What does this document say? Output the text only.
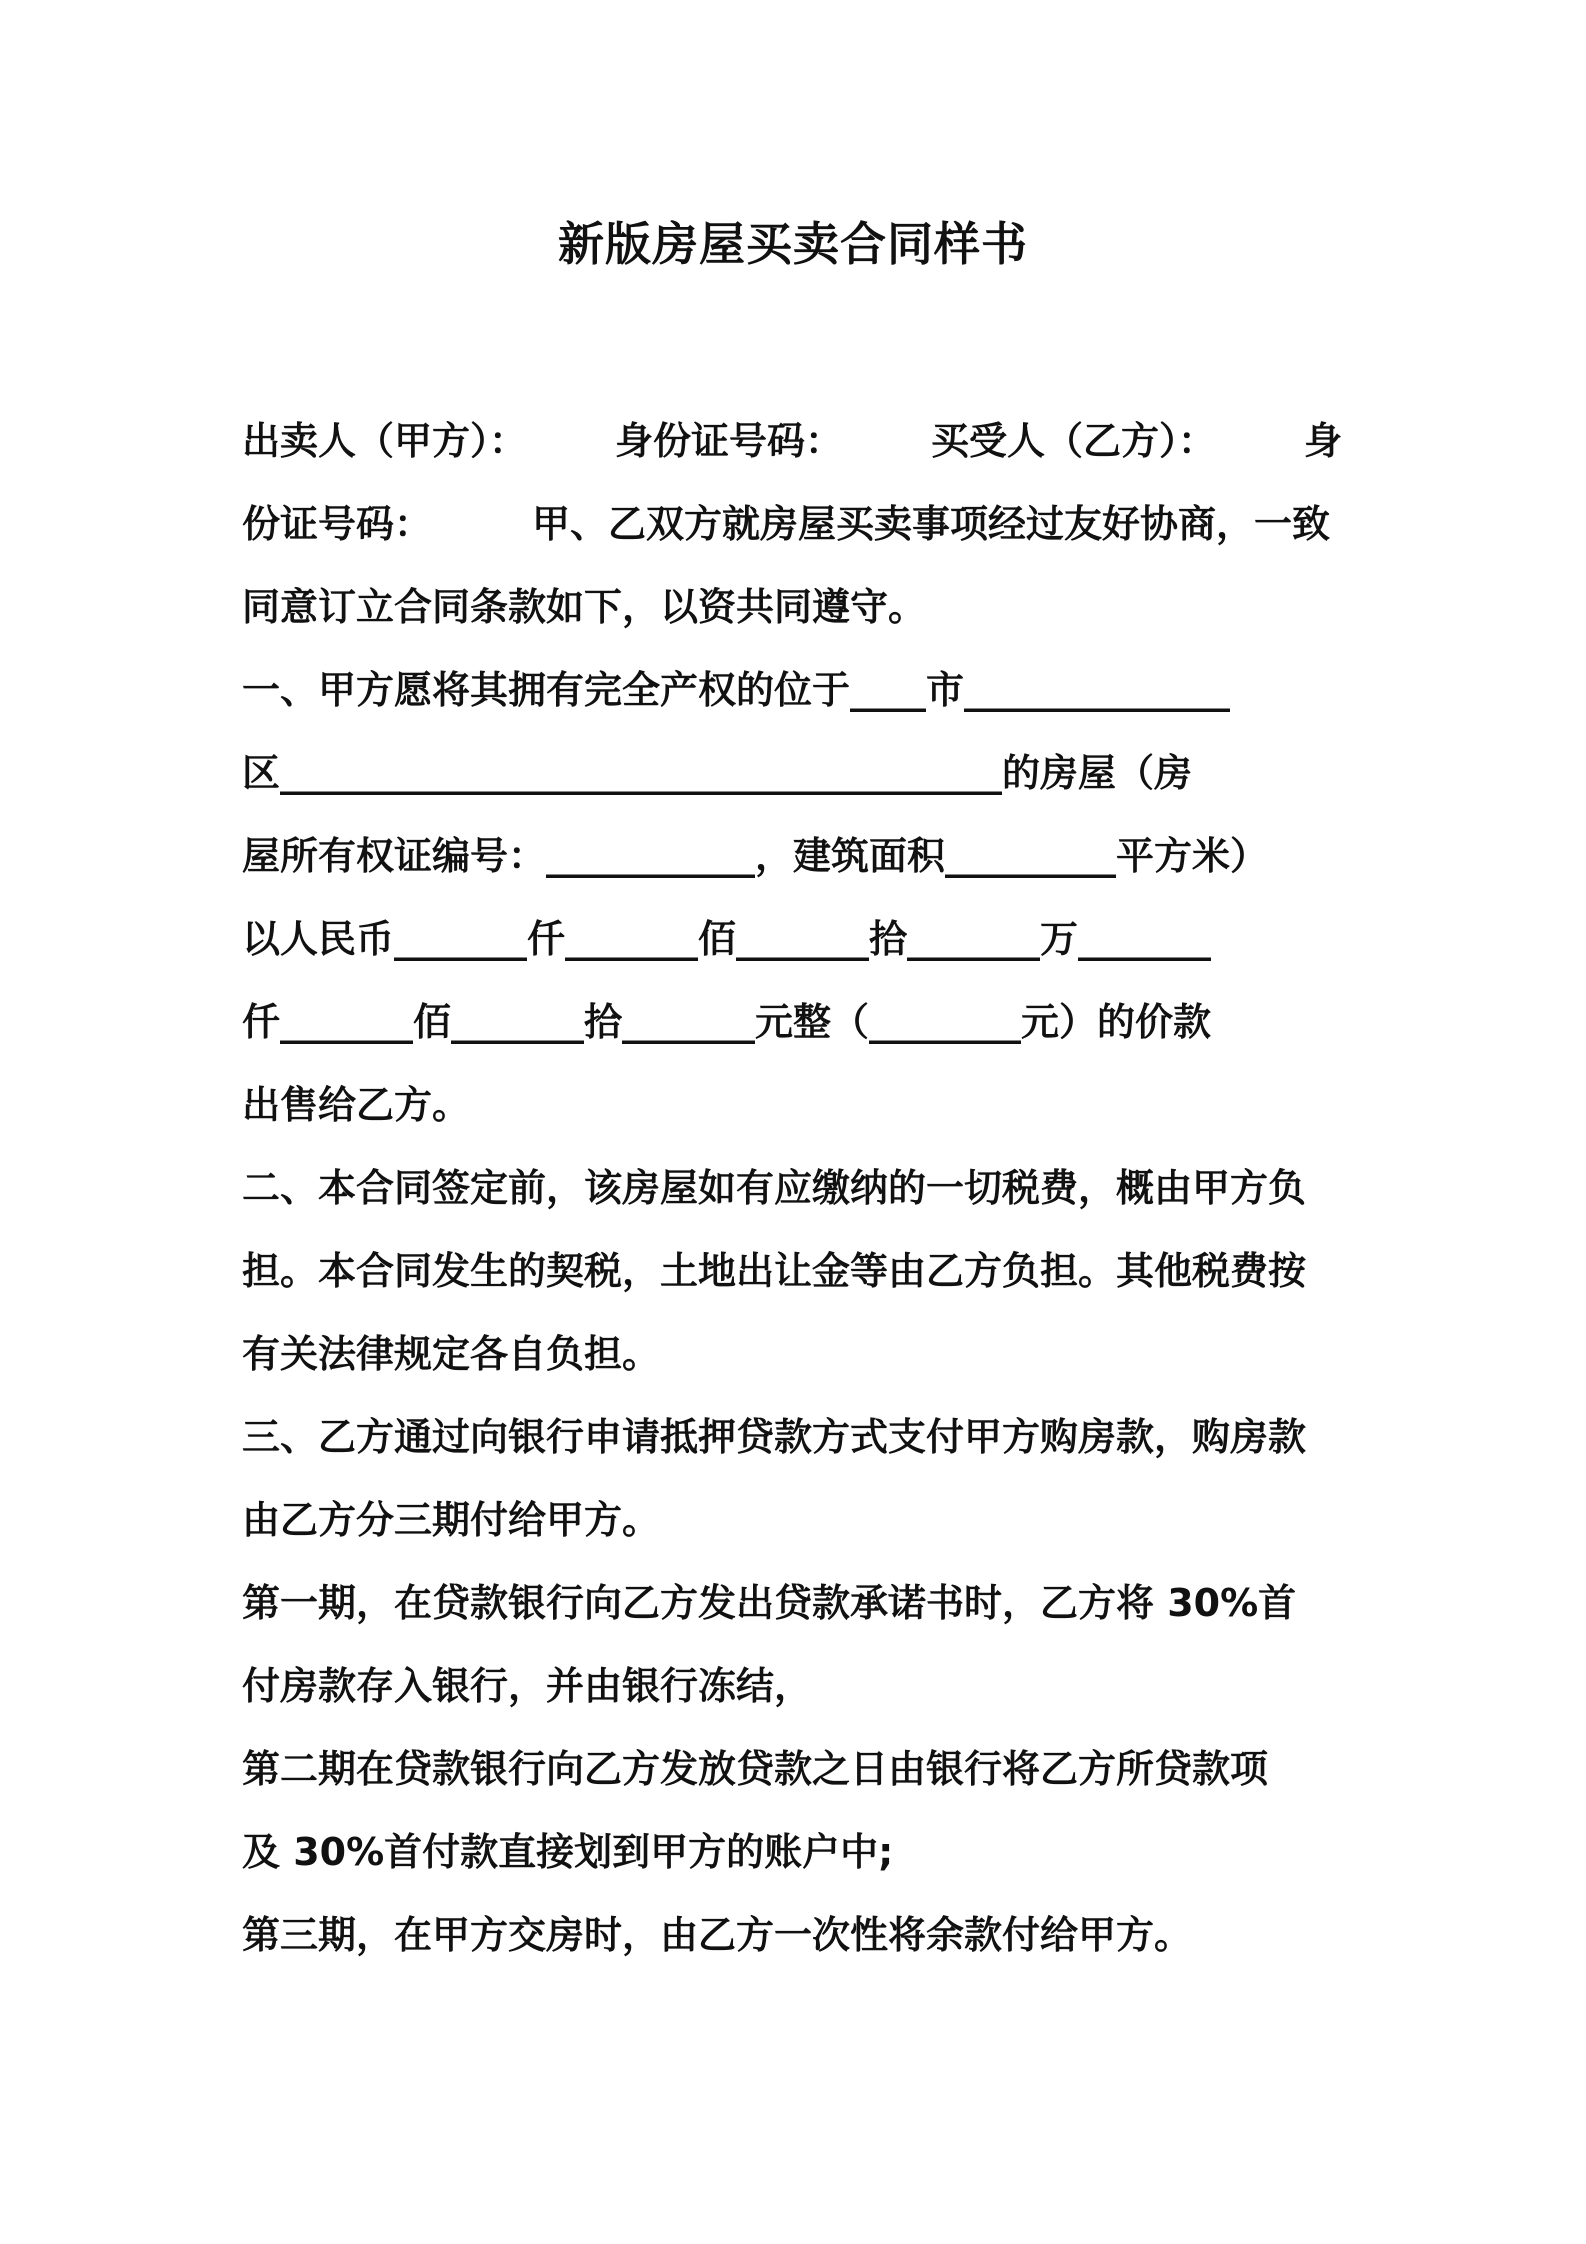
新版房屋买卖合同样书
出卖人（甲方）： 身份证号码： 买受人（乙方）： 身
份证号码：	甲、乙双方就房屋买卖事项经过友好协商，一致
同意订立合同条款如下，以资共同遵守。
一、甲方愿将其拥有完全产权的位于____市______________
区______________________________________的房屋（房
屋所有权证编号：___________，建筑面积_________平方米）
以人民币_______仟_______佰_______拾_______万_______
仟_______佰_______拾_______元整（________元）的价款
出售给乙方。
二、本合同签定前，该房屋如有应缴纳的一切税费，概由甲方负
担。本合同发生的契税，土地出让金等由乙方负担。其他税费按
有关法律规定各自负担。
三、乙方通过向银行申请抵押贷款方式支付甲方购房款，购房款
由乙方分三期付给甲方。
第一期，在贷款银行向乙方发出贷款承诺书时，乙方将 30%首
付房款存入银行，并由银行冻结，
第二期在贷款银行向乙方发放贷款之日由银行将乙方所贷款项
及 30%首付款直接划到甲方的账户中;
第三期，在甲方交房时，由乙方一次性将余款付给甲方。
